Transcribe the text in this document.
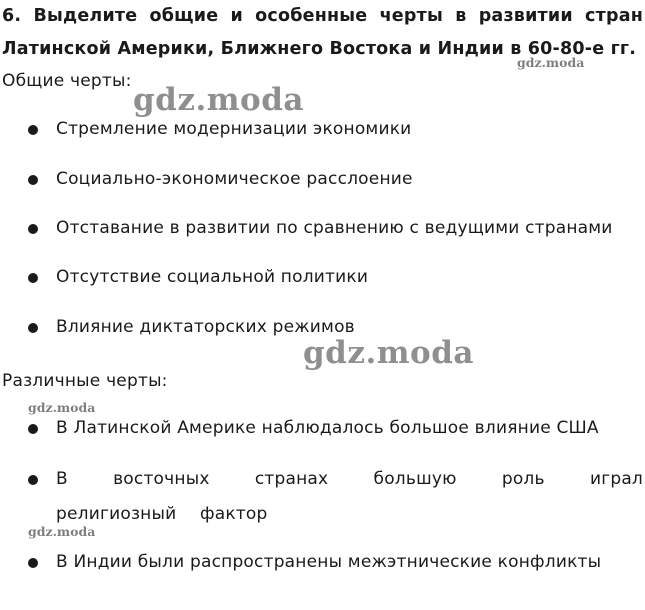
6. Выделите общие и особенные черты в развитии стран
Латинской Америки, Ближнего Востока и Индии в 60-80-е гг.
gdz.moda
Общие черты:
gdz.moda
Стремление модернизации экономики
Социально-экономическое расслоение
Отставание в развитии по сравнению с ведущими странами
Отсутствие социальной политики
Влияние диктаторских режимов
gdz.moda
Различные черты:
gdz.moda
В Латинской Америке наблюдалось большое влияние США
В восточных странах большую роль играл религиозный фактор
gdz.moda
В Индии были распространены межэтнические конфликты
